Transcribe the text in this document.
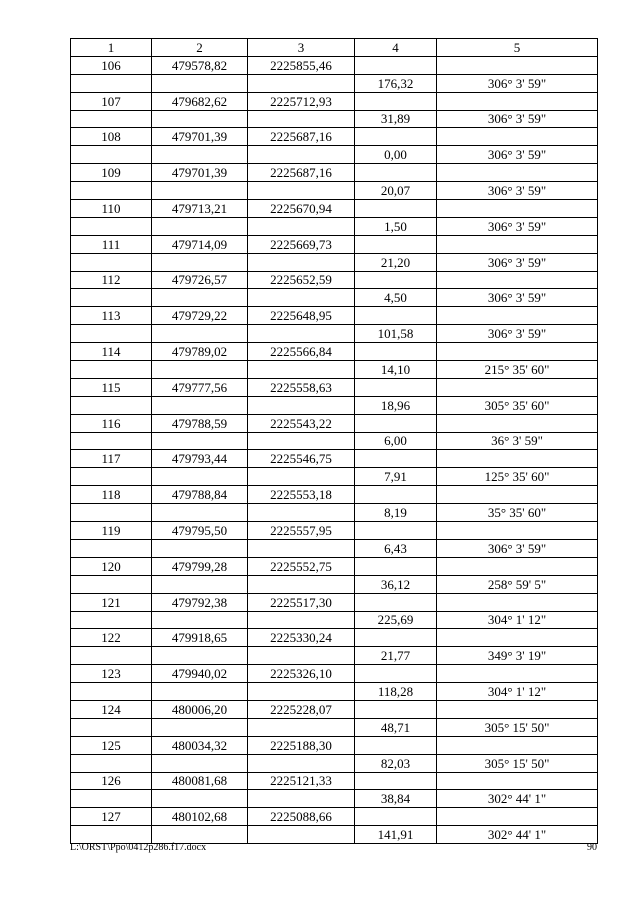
1	2	3	4	5
106	479578,82	2225855,46		
			176,32	306° 3' 59"
107	479682,62	2225712,93		
			31,89	306° 3' 59"
108	479701,39	2225687,16		
			0,00	306° 3' 59"
109	479701,39	2225687,16		
			20,07	306° 3' 59"
110	479713,21	2225670,94		
			1,50	306° 3' 59"
111	479714,09	2225669,73		
			21,20	306° 3' 59"
112	479726,57	2225652,59		
			4,50	306° 3' 59"
113	479729,22	2225648,95		
			101,58	306° 3' 59"
114	479789,02	2225566,84		
			14,10	215° 35' 60"
115	479777,56	2225558,63		
			18,96	305° 35' 60"
116	479788,59	2225543,22		
			6,00	36° 3' 59"
117	479793,44	2225546,75		
			7,91	125° 35' 60"
118	479788,84	2225553,18		
			8,19	35° 35' 60"
119	479795,50	2225557,95		
			6,43	306° 3' 59"
120	479799,28	2225552,75		
			36,12	258° 59' 5"
121	479792,38	2225517,30		
			225,69	304° 1' 12"
122	479918,65	2225330,24		
			21,77	349° 3' 19"
123	479940,02	2225326,10		
			118,28	304° 1' 12"
124	480006,20	2225228,07		
			48,71	305° 15' 50"
125	480034,32	2225188,30		
			82,03	305° 15' 50"
126	480081,68	2225121,33		
			38,84	302° 44' 1"
127	480102,68	2225088,66		
			141,91	302° 44' 1"
L:\ORST\Ppo\0412p286.f17.docx	90
